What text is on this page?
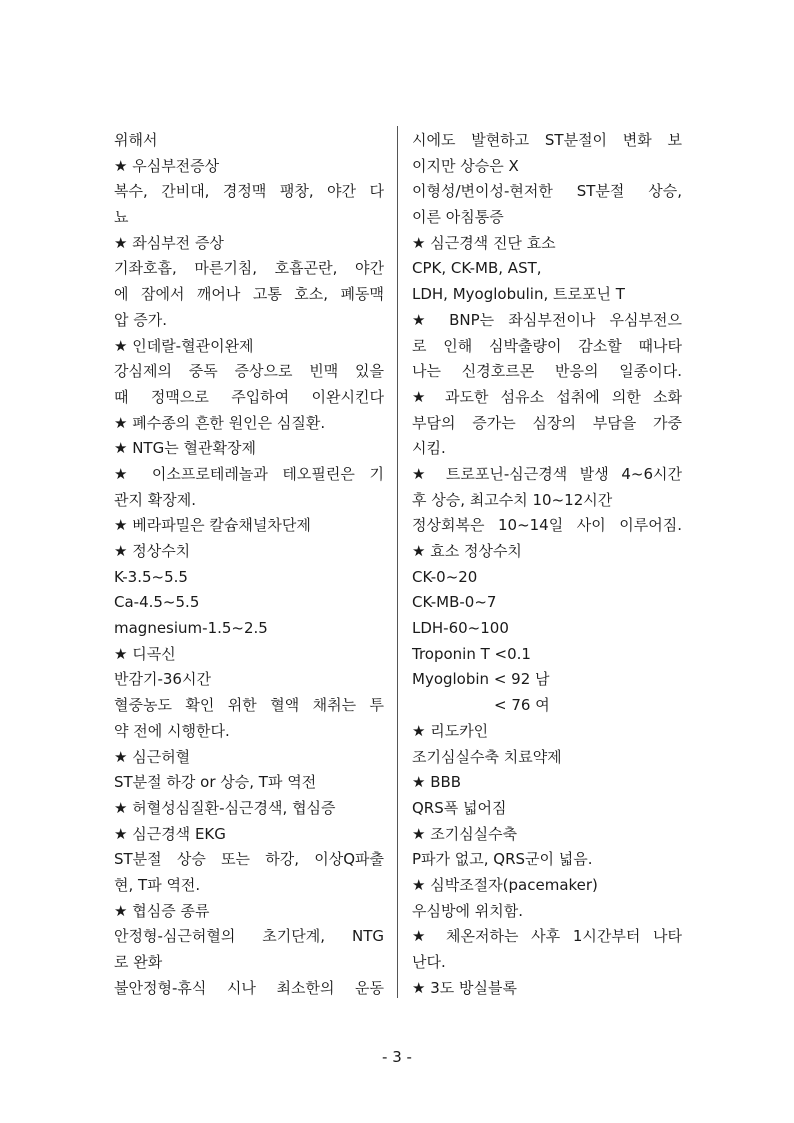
위해서
★ 우심부전증상
복수, 간비대, 경정맥 팽창, 야간 다
뇨
★ 좌심부전 증상
기좌호흡, 마른기침, 호흡곤란, 야간
에 잠에서 깨어나 고통 호소, 폐동맥
압 증가.
★ 인데랄-혈관이완제
강심제의 중독 증상으로 빈맥 있을
때 정맥으로 주입하여 이완시킨다
★ 폐수종의 흔한 원인은 심질환.
★ NTG는 혈관확장제
★ 이소프로테레놀과 테오필린은 기
관지 확장제.
★ 베라파밀은 칼슘채널차단제
★ 정상수치
K-3.5~5.5
Ca-4.5~5.5
magnesium-1.5~2.5
★ 디곡신
반감기-36시간
혈중농도 확인 위한 혈액 채취는 투
약 전에 시행한다.
★ 심근허혈
ST분절 하강 or 상승, T파 역전
★ 허혈성심질환-심근경색, 협심증
★ 심근경색 EKG
ST분절 상승 또는 하강, 이상Q파출
현, T파 역전.
★ 협심증 종류
안정형-심근허혈의 초기단계, NTG
로 완화
불안정형-휴식 시나 최소한의 운동
시에도 발현하고 ST분절이 변화 보
이지만 상승은 X
이형성/변이성-현저한 ST분절 상승,
이른 아침통증
★ 심근경색 진단 효소
CPK, CK-MB, AST,
LDH, Myoglobulin, 트로포닌 T
★ BNP는 좌심부전이나 우심부전으
로 인해 심박출량이 감소할 때나타
나는 신경호르몬 반응의 일종이다.
★ 과도한 섬유소 섭취에 의한 소화
부담의 증가는 심장의 부담을 가중
시킴.
★ 트로포닌-심근경색 발생 4~6시간
후 상승, 최고수치 10~12시간
정상회복은 10~14일 사이 이루어짐.
★ 효소 정상수치
CK-0~20
CK-MB-0~7
LDH-60~100
Troponin T <0.1
Myoglobin < 92 남
< 76 여
★ 리도카인
조기심실수축 치료약제
★ BBB
QRS폭 넓어짐
★ 조기심실수축
P파가 없고, QRS군이 넓음.
★ 심박조절자(pacemaker)
우심방에 위치함.
★ 체온저하는 사후 1시간부터 나타
난다.
★ 3도 방실블록
- 3 -
